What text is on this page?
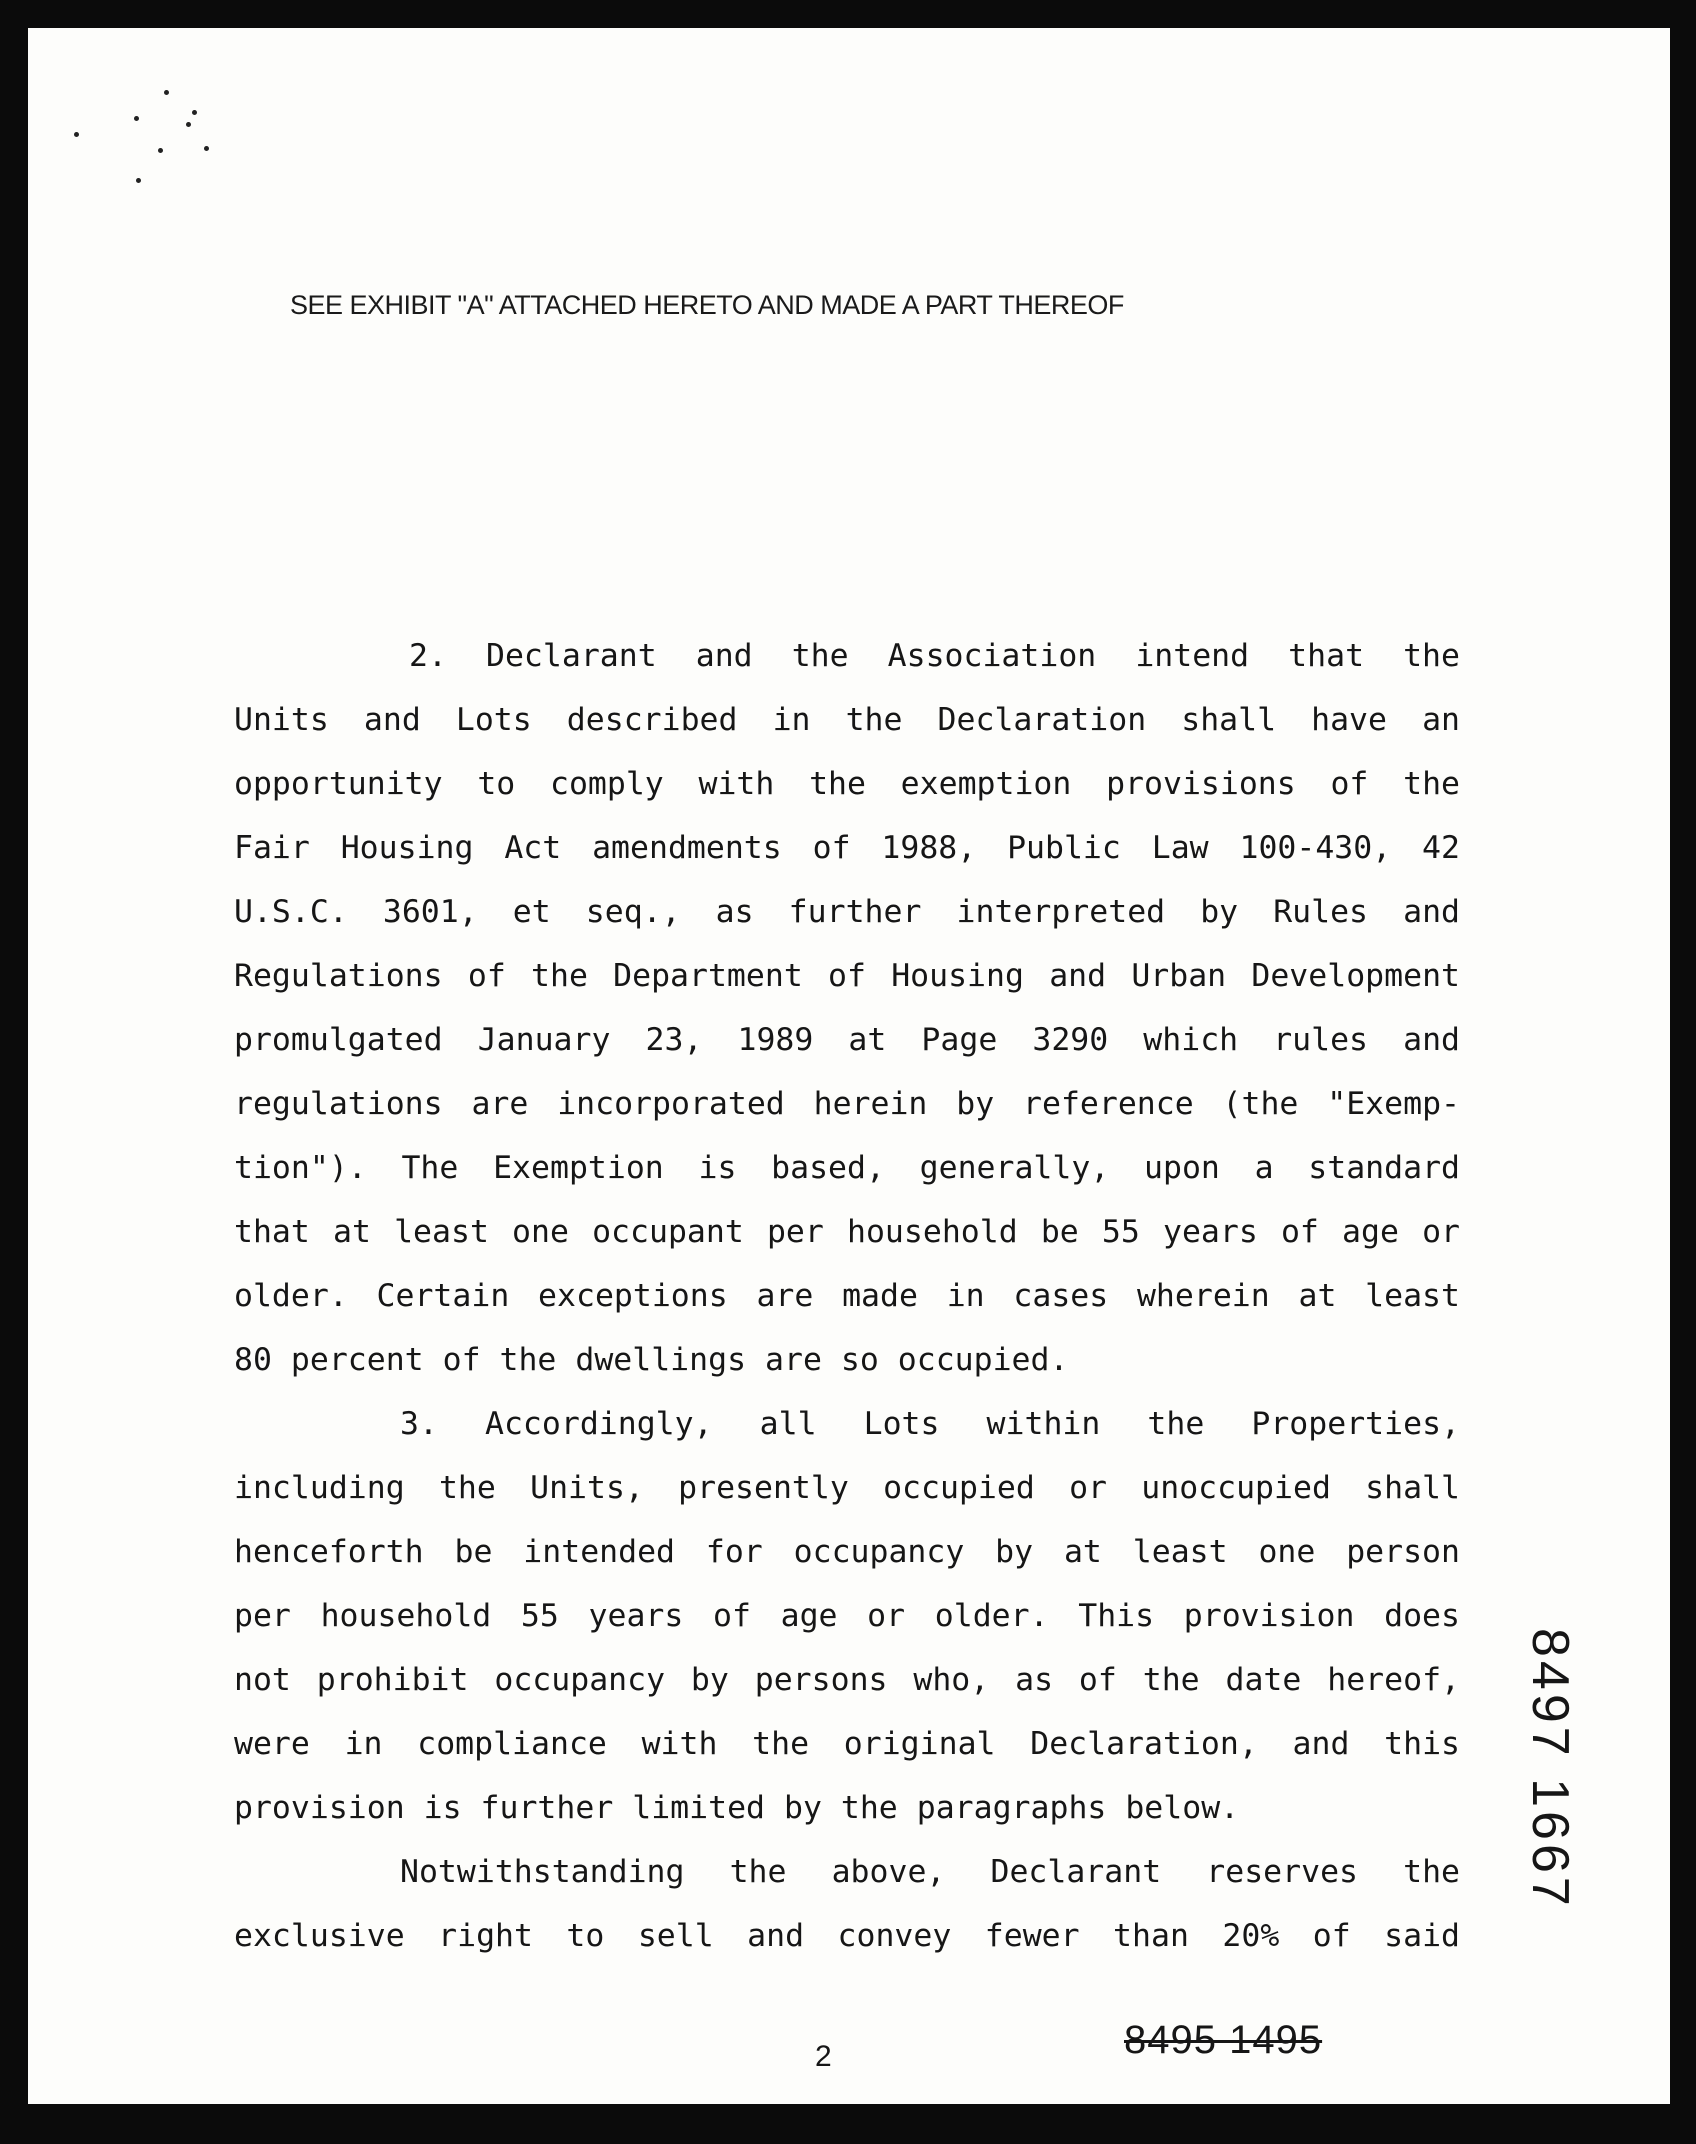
SEE EXHIBIT "A" ATTACHED HERETO AND MADE A PART THEREOF
2. Declarant and the Association intend that the
Units and Lots described in the Declaration shall have an
opportunity to comply with the exemption provisions of the
Fair Housing Act amendments of 1988, Public Law 100-430, 42
U.S.C. 3601, et seq., as further interpreted by Rules and
Regulations of the Department of Housing and Urban Development
promulgated January 23, 1989 at Page 3290 which rules and
regulations are incorporated herein by reference (the "Exemp-
tion"). The Exemption is based, generally, upon a standard
that at least one occupant per household be 55 years of age or
older. Certain exceptions are made in cases wherein at least
80 percent of the dwellings are so occupied.
3. Accordingly, all Lots within the Properties,
including the Units, presently occupied or unoccupied shall
henceforth be intended for occupancy by at least one person
per household 55 years of age or older. This provision does
not prohibit occupancy by persons who, as of the date hereof,
were in compliance with the original Declaration, and this
provision is further limited by the paragraphs below.
Notwithstanding the above, Declarant reserves the
exclusive right to sell and convey fewer than 20% of said
8497 1667
2	8495 1495
